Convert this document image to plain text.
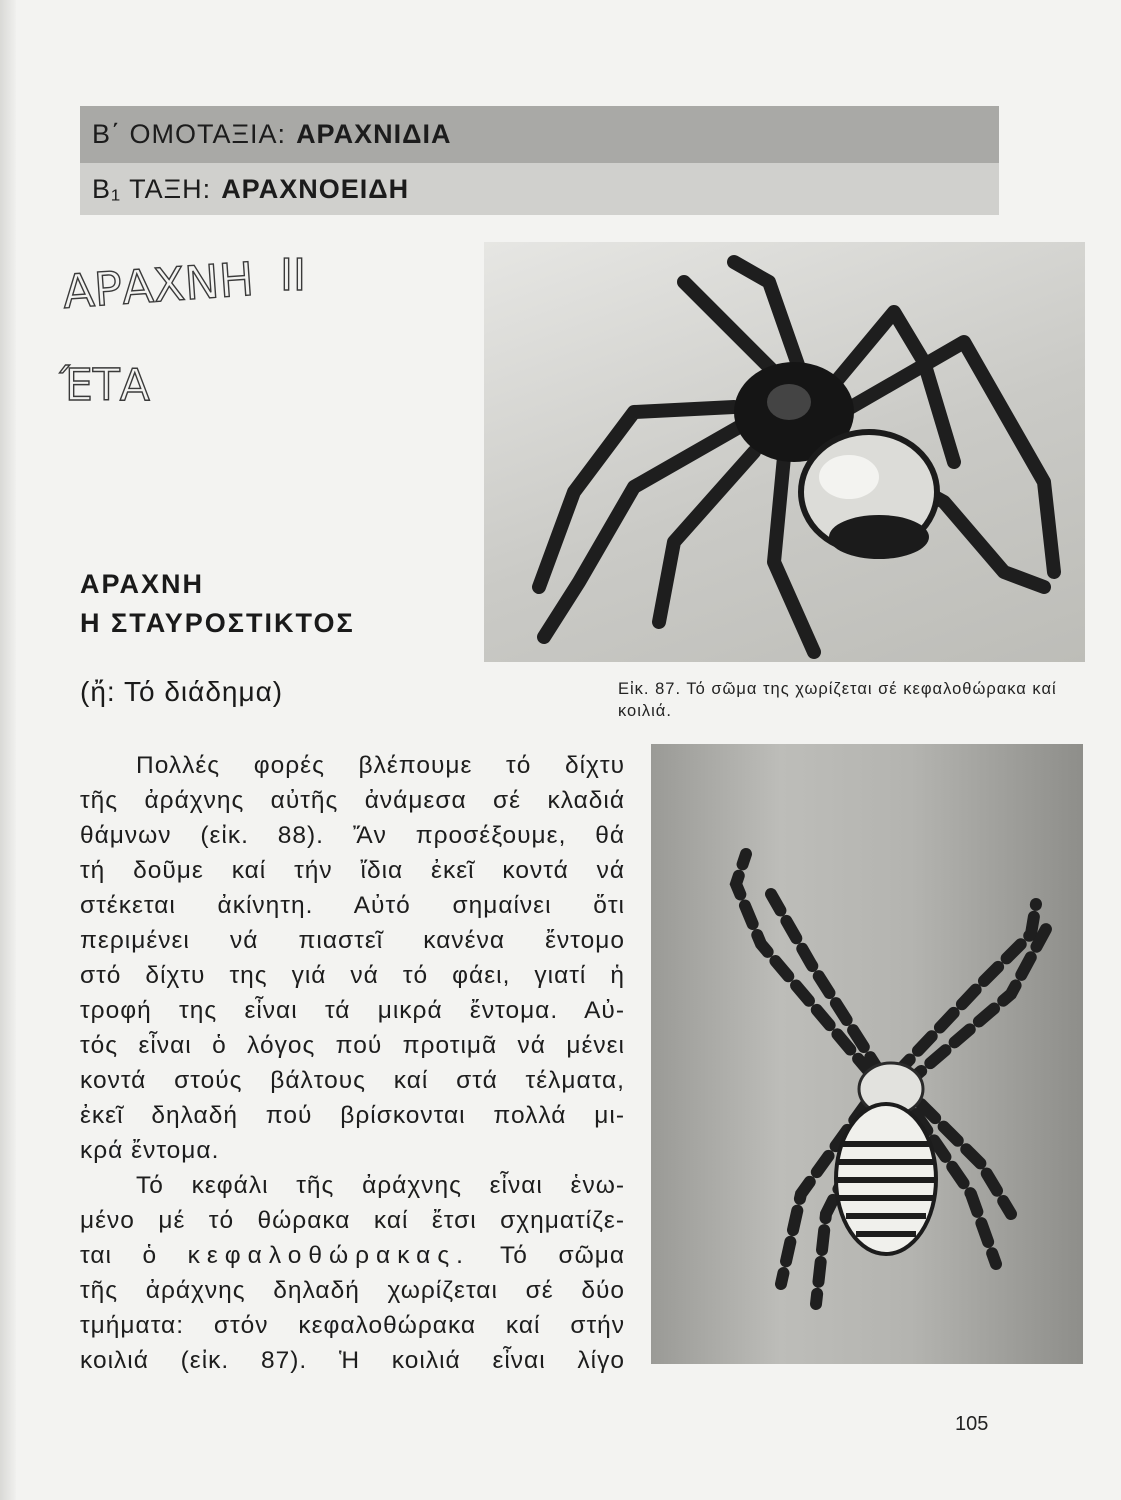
Β΄ ΟΜΟΤΑΞΙΑ: ΑΡΑΧΝΙΔΙΑ
Β₁ ΤΑΞΗ: ΑΡΑΧΝΟΕΙΔΗ
ΑΡΑΧΝΗ ΙΙ
ΈΤΑ
ΑΡΑΧΝΗ
Η ΣΤΑΥΡΟΣΤΙΚΤΟΣ
(ἤ: Τό διάδημα)	Εἰκ. 87. Τό σῶμα της χωρίζεται σέ κεφαλοθώρακα καί κοιλιά.

Πολλές φορές βλέπουμε τό δίχτυ

τῆς ἀράχνης αὐτῆς ἀνάμεσα σέ κλαδιά

θάμνων (εἰκ. 88). Ἄν προσέξουμε, θά

τή δοῦμε καί τήν ἴδια ἐκεῖ κοντά νά

στέκεται ἀκίνητη. Αὐτό σημαίνει ὅτι

περιμένει νά πιαστεῖ κανένα ἔντομο

στό δίχτυ της γιά νά τό φάει, γιατί ἡ

τροφή της εἶναι τά μικρά ἔντομα. Αὐ-

τός εἶναι ὁ λόγος πού προτιμᾶ νά μένει

κοντά στούς βάλτους καί στά τέλματα,

ἐκεῖ δηλαδή πού βρίσκονται πολλά μι-

κρά ἔντομα.

Τό κεφάλι τῆς ἀράχνης εἶναι ἑνω-

μένο μέ τό θώρακα καί ἔτσι σχηματίζε-

ται ὁ κεφαλοθώρακας. Τό σῶμα

τῆς ἀράχνης δηλαδή χωρίζεται σέ δύο

τμήματα: στόν κεφαλοθώρακα καί στήν

κοιλιά (εἰκ. 87). Ἡ κοιλιά εἶναι λίγο

105
